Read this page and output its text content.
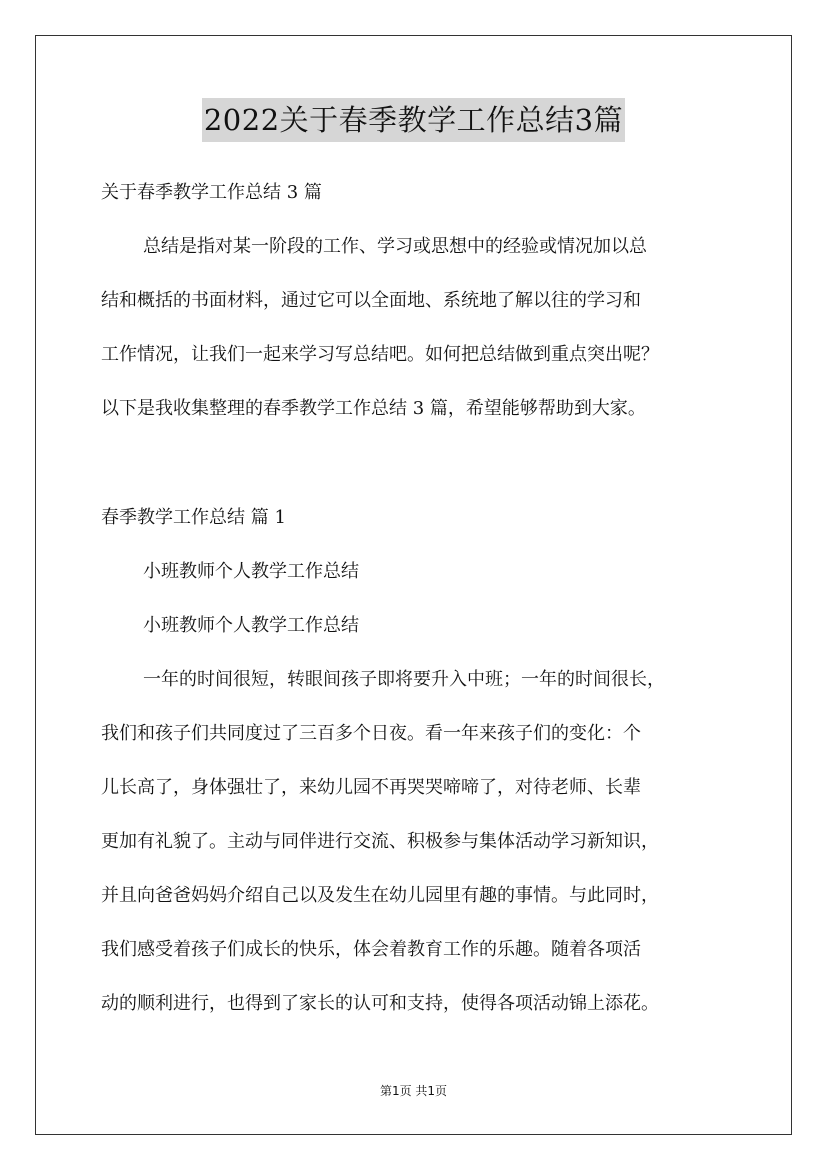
2022关于春季教学工作总结3篇
关于春季教学工作总结 3 篇
总结是指对某一阶段的工作、学习或思想中的经验或情况加以总
结和概括的书面材料，通过它可以全面地、系统地了解以往的学习和
工作情况，让我们一起来学习写总结吧。如何把总结做到重点突出呢？
以下是我收集整理的春季教学工作总结 3 篇，希望能够帮助到大家。
春季教学工作总结 篇 1
小班教师个人教学工作总结
小班教师个人教学工作总结
一年的时间很短，转眼间孩子即将要升入中班；一年的时间很长，
我们和孩子们共同度过了三百多个日夜。看一年来孩子们的变化：个
儿长高了，身体强壮了，来幼儿园不再哭哭啼啼了，对待老师、长辈
更加有礼貌了。主动与同伴进行交流、积极参与集体活动学习新知识，
并且向爸爸妈妈介绍自己以及发生在幼儿园里有趣的事情。与此同时，
我们感受着孩子们成长的快乐，体会着教育工作的乐趣。随着各项活
动的顺利进行，也得到了家长的认可和支持，使得各项活动锦上添花。
第1页 共1页
